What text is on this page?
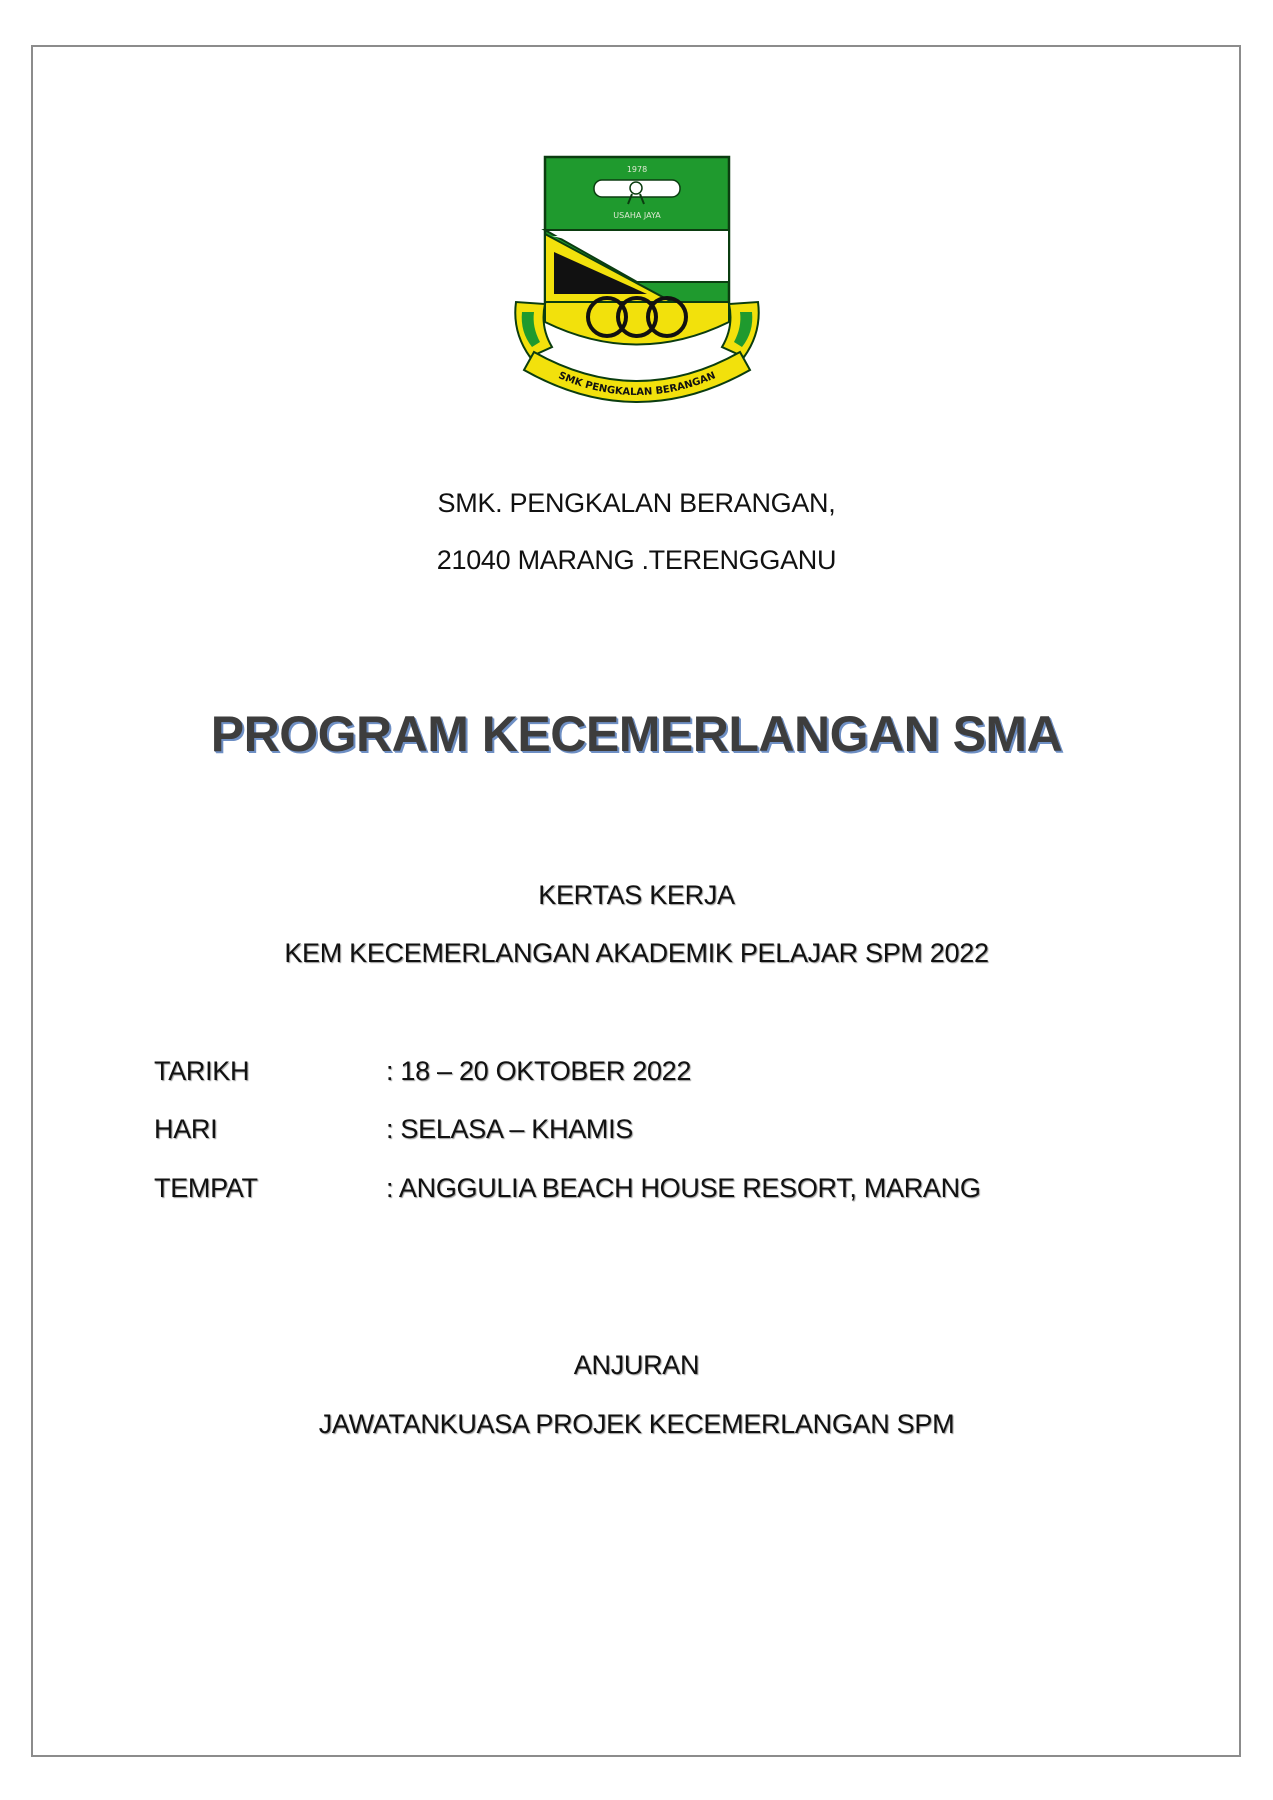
1978
USAHA JAYA
SMK PENGKALAN BERANGAN
SMK. PENGKALAN BERANGAN,
21040 MARANG .TERENGGANU
PROGRAM KECEMERLANGAN SMA
KERTAS KERJA
KEM KECEMERLANGAN AKADEMIK PELAJAR SPM 2022
TARIKH	: 18 – 20 OKTOBER 2022
HARI	: SELASA – KHAMIS
TEMPAT	: ANGGULIA BEACH HOUSE RESORT, MARANG
ANJURAN
JAWATANKUASA PROJEK KECEMERLANGAN SPM
